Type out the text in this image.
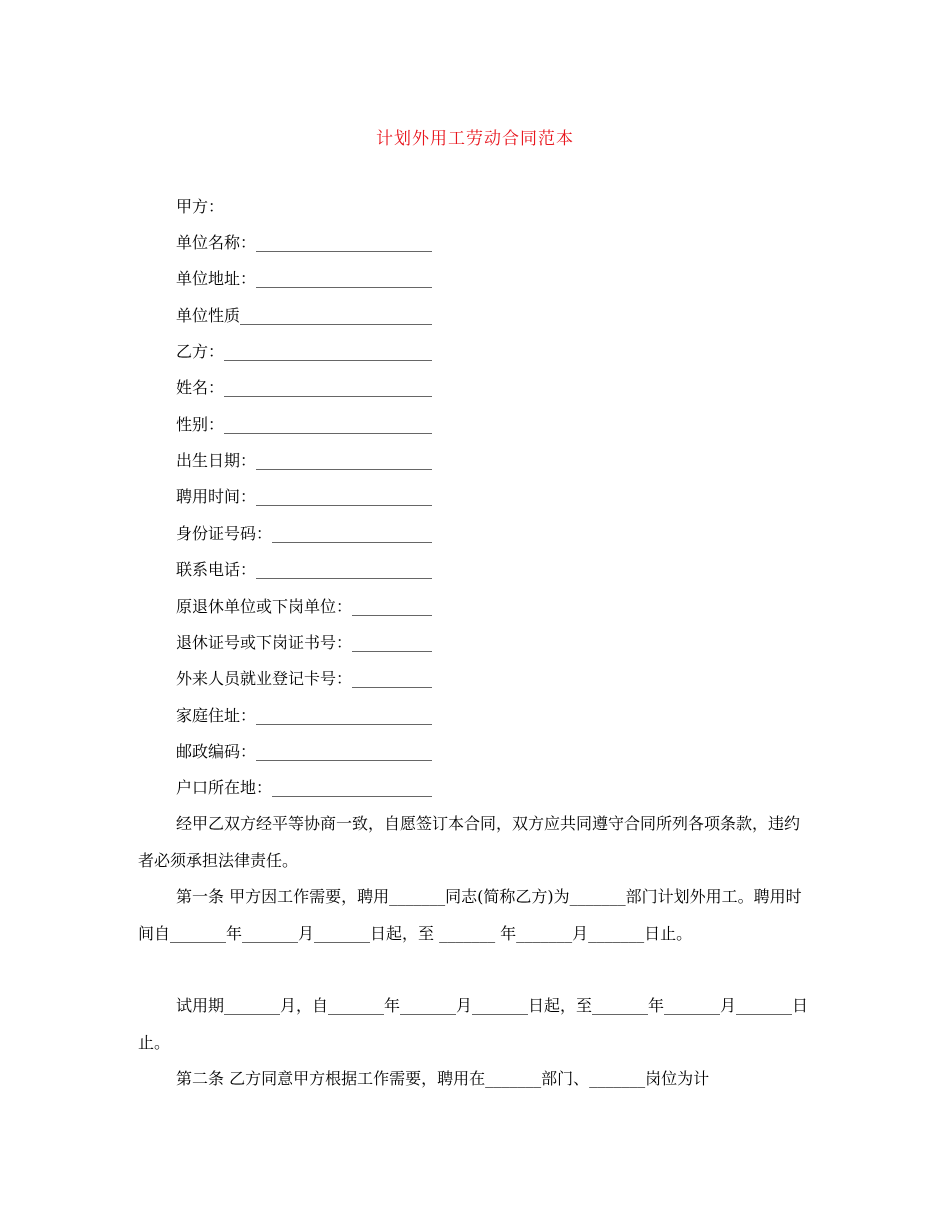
计划外用工劳动合同范本
甲方：
单位名称：______________________
单位地址：______________________
单位性质________________________
乙方：__________________________
姓名：__________________________
性别：__________________________
出生日期：______________________
聘用时间：______________________
身份证号码：____________________
联系电话：______________________
原退休单位或下岗单位：__________
退休证号或下岗证书号：__________
外来人员就业登记卡号：__________
家庭住址：______________________
邮政编码：______________________
户口所在地：____________________

经甲乙双方经平等协商一致，自愿签订本合同，双方应共同遵守合同所列各项条款，违约者必须承担法律责任。

第一条 甲方因工作需要，聘用_______同志(简称乙方)为_______部门计划外用工。聘用时间自_______年_______月_______日起，至 _______ 年_______月_______日止。

试用期_______月，自_______年_______月_______日起，至_______年_______月_______日止。

第二条 乙方同意甲方根据工作需要，聘用在_______部门、_______岗位为计
